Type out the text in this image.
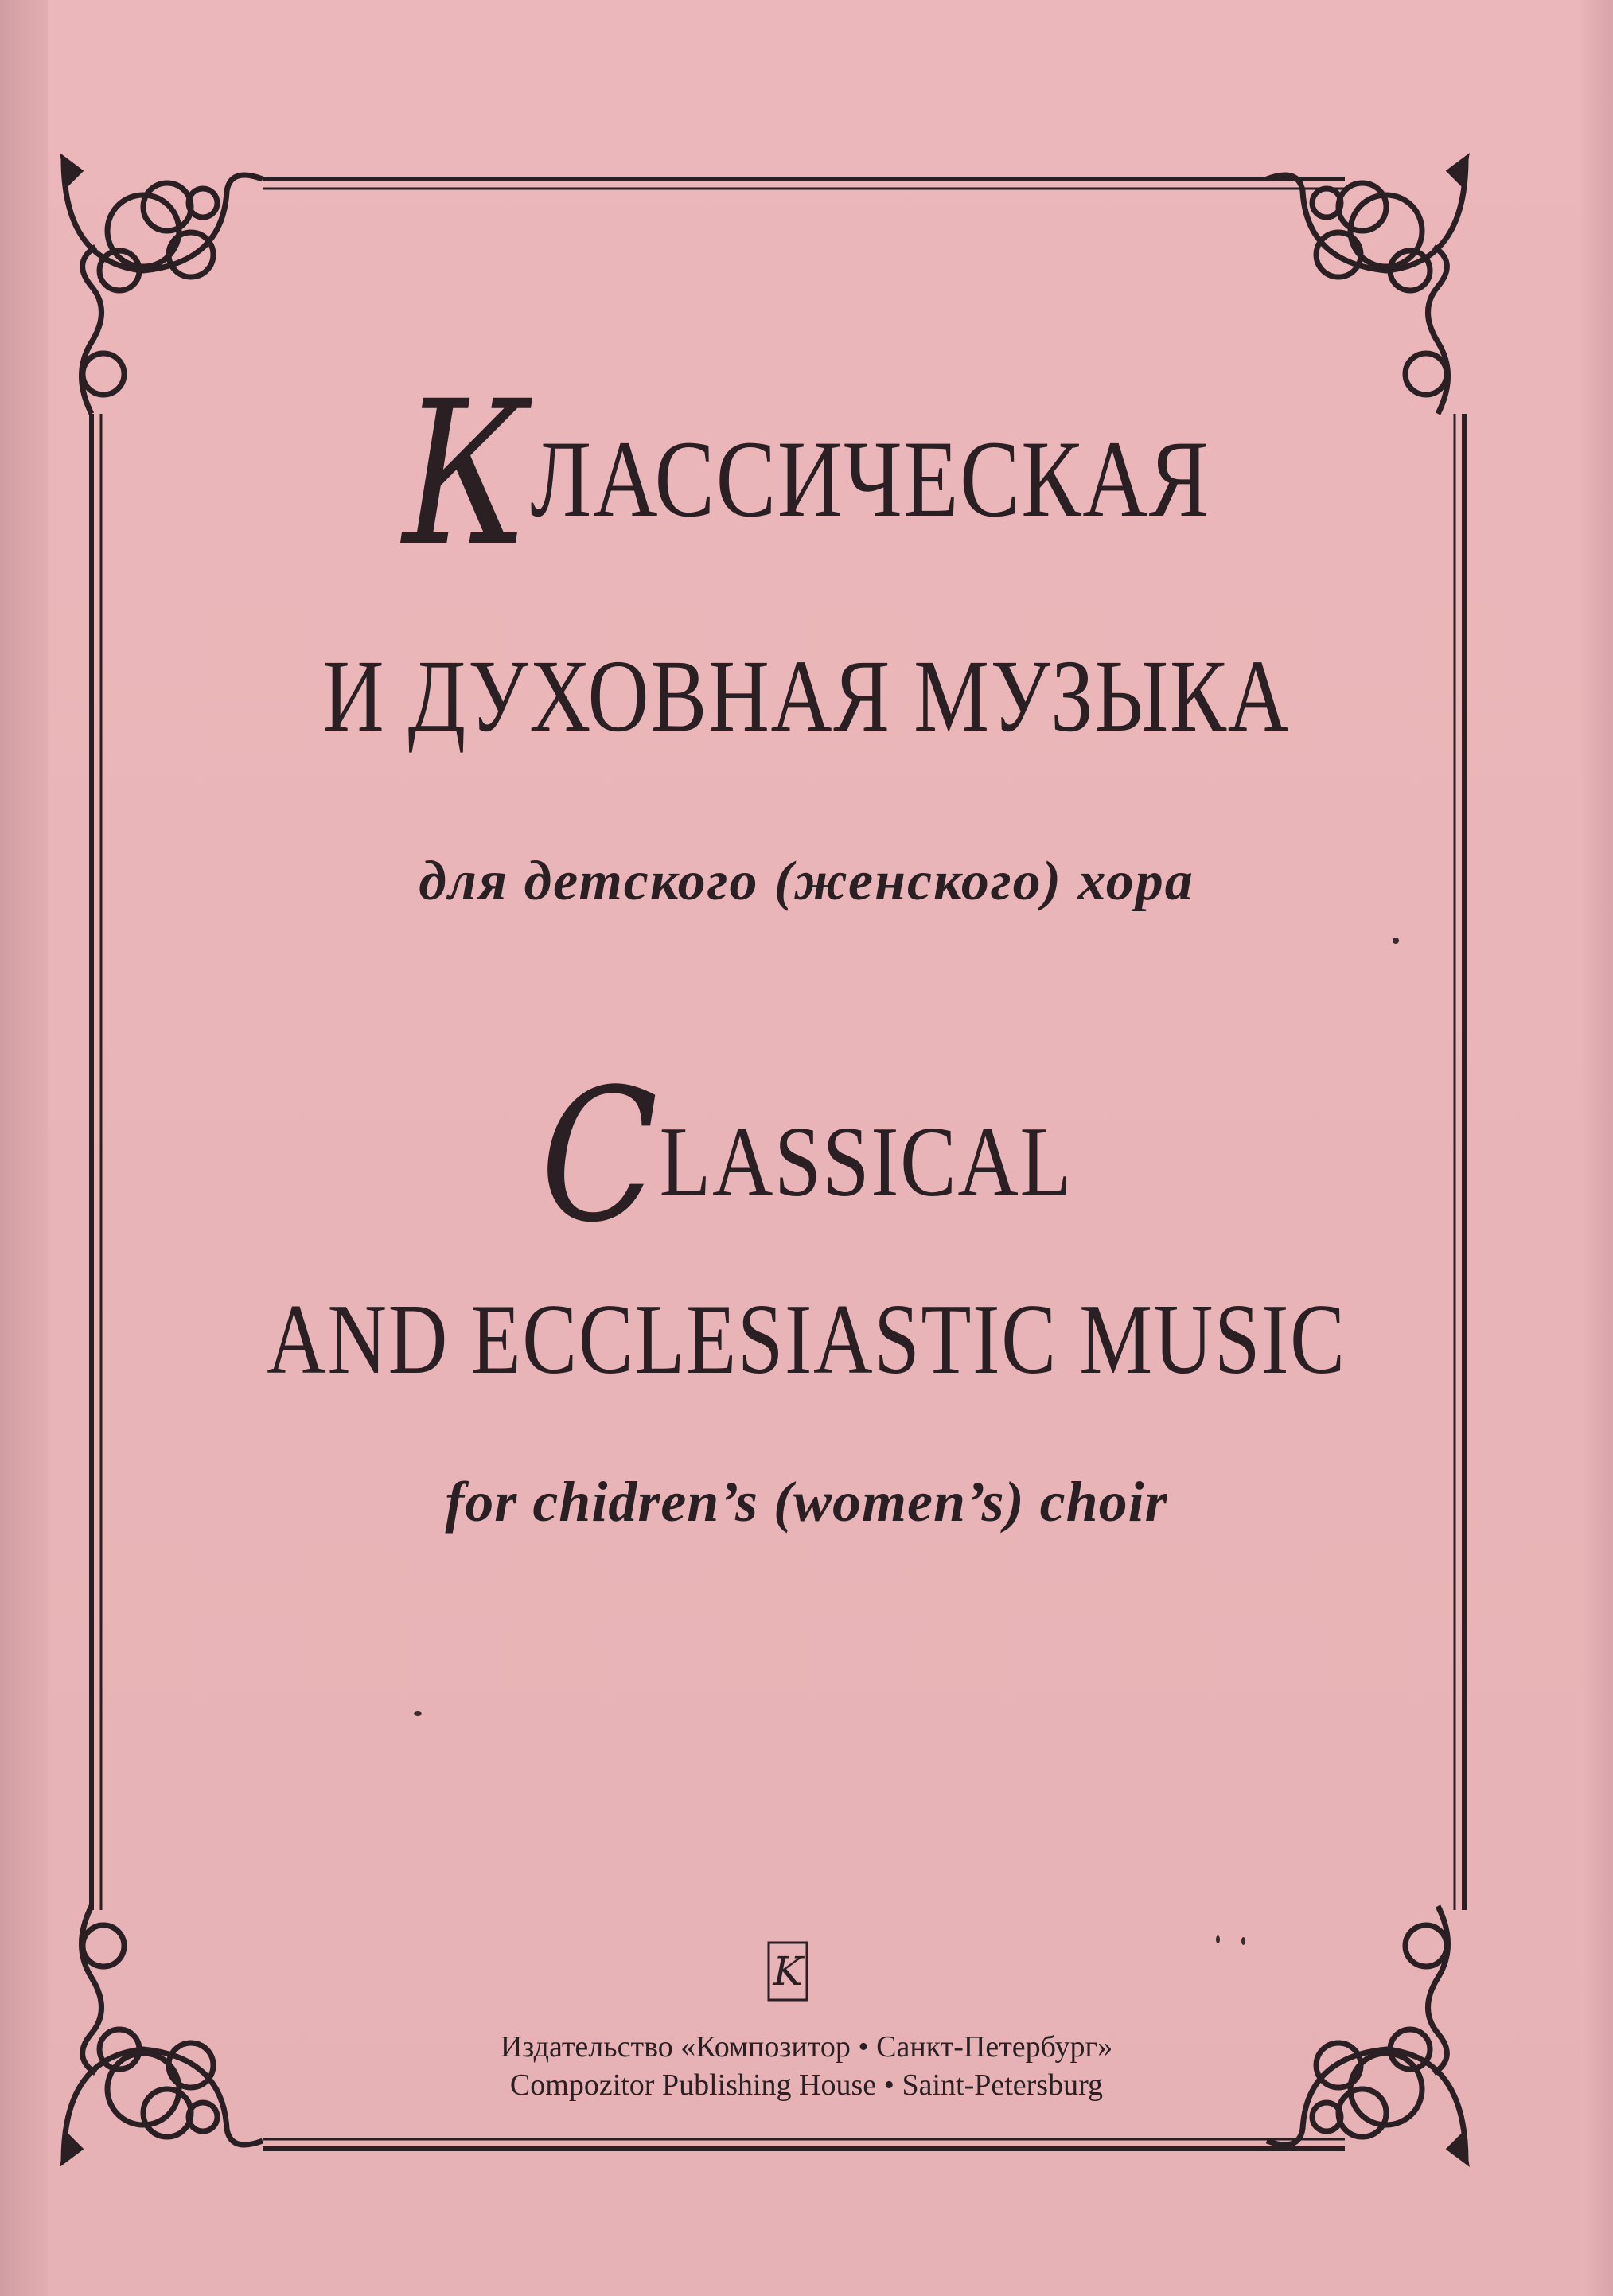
КЛАССИЧЕСКАЯ
И ДУХОВНАЯ МУЗЫКА
для детского (женского) хора
CLASSICAL
AND ECCLESIASTIC MUSIC
for chidren’s (women’s) choir
K
Издательство «Композитор • Санкт-Петербург»
Compozitor Publishing House • Saint-Petersburg
